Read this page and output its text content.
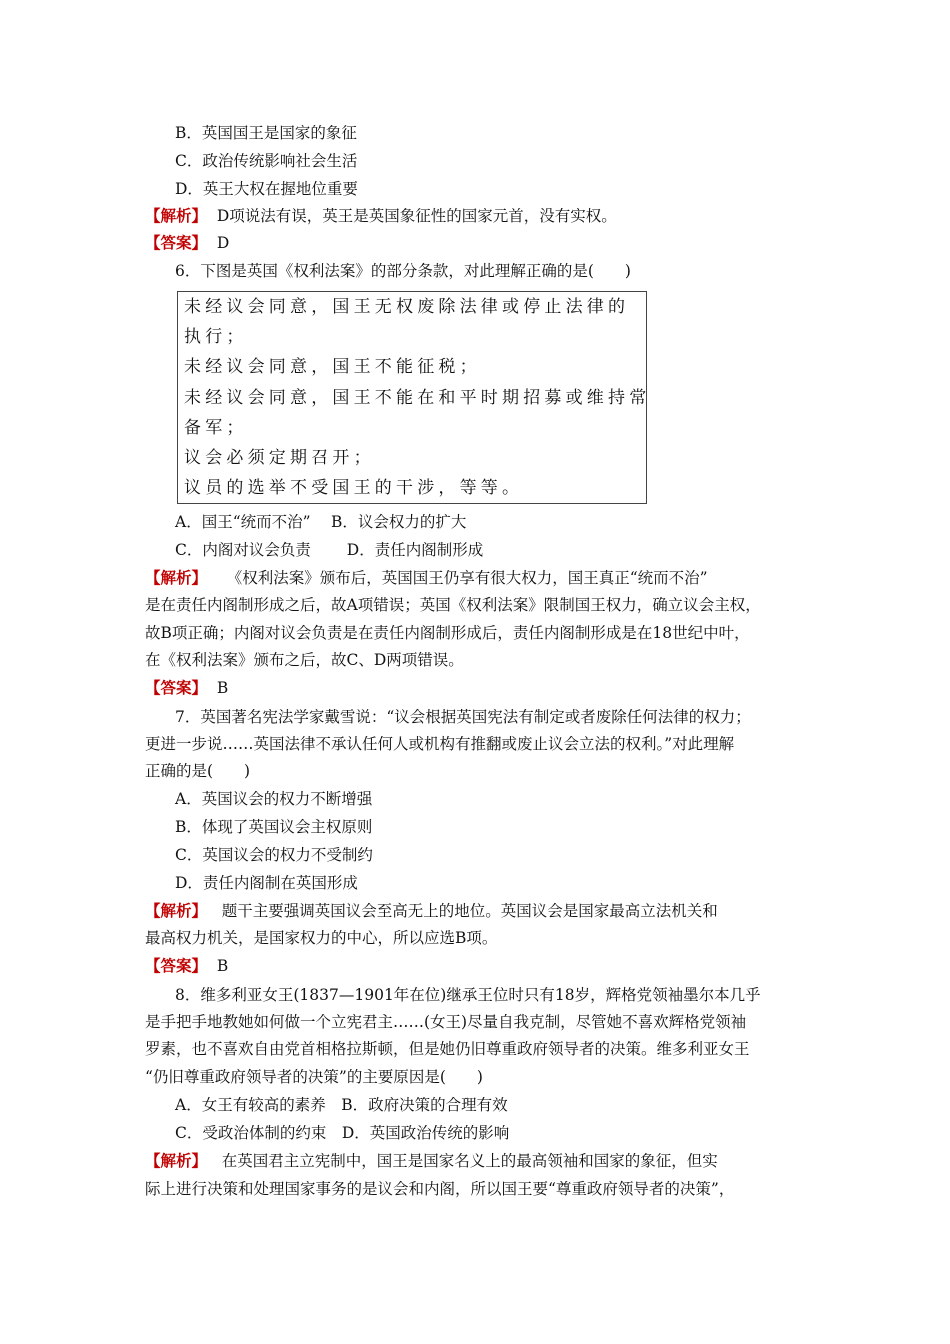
B．英国国王是国家的象征
C．政治传统影响社会生活
D．英王大权在握地位重要
【解析】 D项说法有误，英王是英国象征性的国家元首，没有实权。
【答案】 D
6．下图是英国《权利法案》的部分条款，对此理解正确的是(　　)
未经议会同意，国王无权废除法律或停止法律的
执行；
未经议会同意，国王不能征税；
未经议会同意，国王不能在和平时期招募或维持常
备军；
议会必须定期召开；
议员的选举不受国王的干涉，等等。
A．国王“统而不治”　 B．议会权力的扩大
C．内阁对议会负责　　 D．责任内阁制形成
【解析】 《权利法案》颁布后，英国国王仍享有很大权力，国王真正“统而不治”
是在责任内阁制形成之后，故A项错误；英国《权利法案》限制国王权力，确立议会主权，
故B项正确；内阁对议会负责是在责任内阁制形成后，责任内阁制形成是在18世纪中叶，
在《权利法案》颁布之后，故C、D两项错误。
【答案】 B
7．英国著名宪法学家戴雪说：“议会根据英国宪法有制定或者废除任何法律的权力；
更进一步说……英国法律不承认任何人或机构有推翻或废止议会立法的权利。”对此理解
正确的是(　　)
A．英国议会的权力不断增强
B．体现了英国议会主权原则
C．英国议会的权力不受制约
D．责任内阁制在英国形成
【解析】 题干主要强调英国议会至高无上的地位。英国议会是国家最高立法机关和
最高权力机关，是国家权力的中心，所以应选B项。
【答案】 B
8．维多利亚女王(1837—1901年在位)继承王位时只有18岁，辉格党领袖墨尔本几乎
是手把手地教她如何做一个立宪君主……(女王)尽量自我克制，尽管她不喜欢辉格党领袖
罗素，也不喜欢自由党首相格拉斯顿，但是她仍旧尊重政府领导者的决策。维多利亚女王
“仍旧尊重政府领导者的决策”的主要原因是(　　)
A．女王有较高的素养　B．政府决策的合理有效
C．受政治体制的约束　D．英国政治传统的影响
【解析】 在英国君主立宪制中，国王是国家名义上的最高领袖和国家的象征，但实
际上进行决策和处理国家事务的是议会和内阁，所以国王要“尊重政府领导者的决策”，
